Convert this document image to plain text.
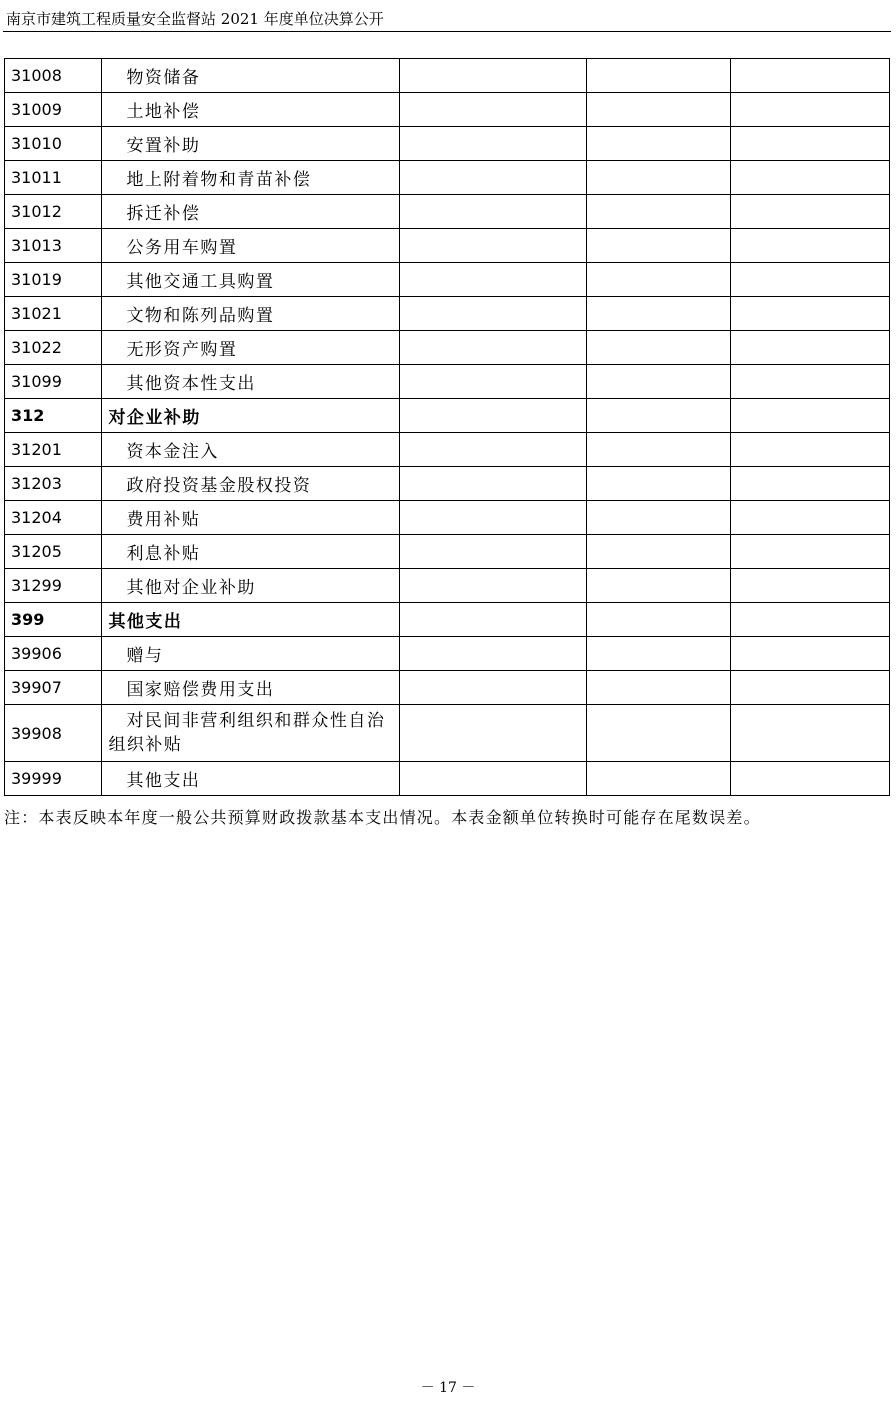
南京市建筑工程质量安全监督站 2021 年度单位决算公开
31008	物资储备			
31009	土地补偿			
31010	安置补助			
31011	地上附着物和青苗补偿			
31012	拆迁补偿			
31013	公务用车购置			
31019	其他交通工具购置			
31021	文物和陈列品购置			
31022	无形资产购置			
31099	其他资本性支出			
312	对企业补助			
31201	资本金注入			
31203	政府投资基金股权投资			
31204	费用补贴			
31205	利息补贴			
31299	其他对企业补助			
399	其他支出			
39906	赠与			
39907	国家赔偿费用支出			
39908	对民间非营利组织和群众性自治
组织补贴			
39999	其他支出			
注：本表反映本年度一般公共预算财政拨款基本支出情况。本表金额单位转换时可能存在尾数误差。
－ 17 －
